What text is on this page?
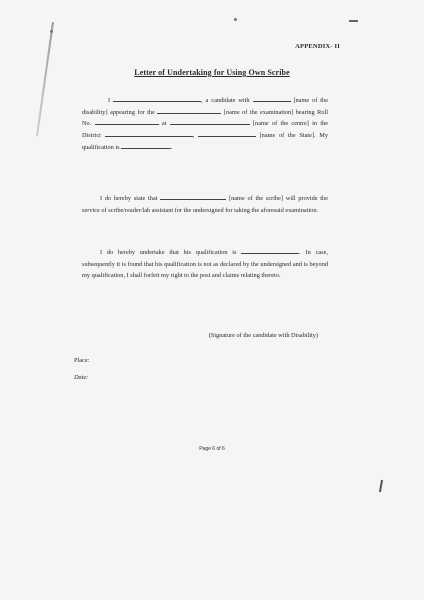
APPENDIX- II
Letter of Undertaking for Using Own Scribe
I	, a candidate with	[name of the disability] appearing for the	[name of the examination] bearing Roll No.	at	[name of the centre] in the District	,	[name of the State]. My qualification is	.
I do hereby state that	[name of the scribe] will provide the service of scribe/reader/lab assistant for the undersigned for taking the aforesaid examination.
I do hereby undertake that his qualification is	. In case, subsequently it is found that his qualification is not as declared by the undersigned and is beyond my qualification, I shall forfeit my right to the post and claims relating thereto.
(Signature of the candidate with Disability)
Place:
Date:
Page 6 of 6
